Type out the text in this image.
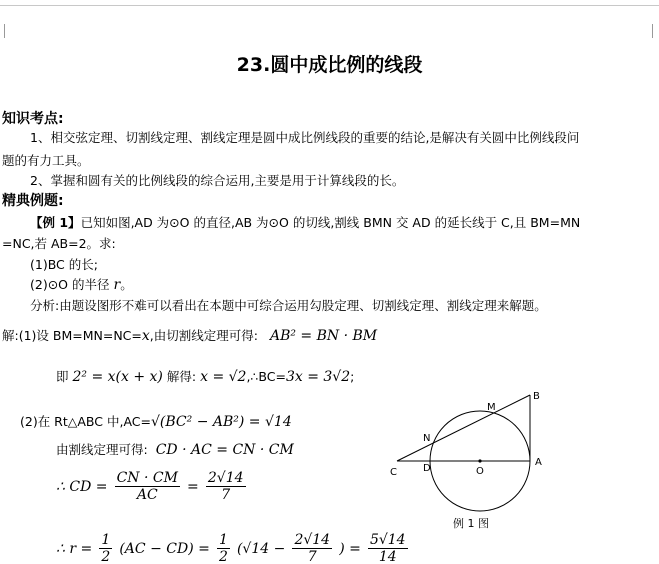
23.圆中成比例的线段
知识考点:
1、相交弦定理、切割线定理、割线定理是圆中成比例线段的重要的结论,是解决有关圆中比例线段问
题的有力工具。
2、掌握和圆有关的比例线段的综合运用,主要是用于计算线段的长。
精典例题:
【例 1】已知如图,AD 为⊙O 的直径,AB 为⊙O 的切线,割线 BMN 交 AD 的延长线于 C,且 BM=MN
=NC,若 AB=2。求:
(1)BC 的长;
(2)⊙O 的半径 r。
分析:由题设图形不难可以看出在本题中可综合运用勾股定理、切割线定理、割线定理来解题。
解:(1)设 BM=MN=NC=x,由切割线定理可得: AB² = BN · BM
即 2² = x(x + x) 解得: x = √2,∴BC=3x = 3√2;
(2)在 Rt△ABC 中,AC=√(BC² − AB²) = √14
由割线定理可得: CD · AC = CN · CM
∴ CD = $\frac{CN \cdot CM}{AC} = \frac{2√14}{7}$
∴ $r = \frac{1}{2} (AC - CD) = \frac{1}{2} (√14 - \frac{2√14}{7}$ ) = $\frac{5√14}{14}$
B
M
N
C	D	O
A
例 1 图
